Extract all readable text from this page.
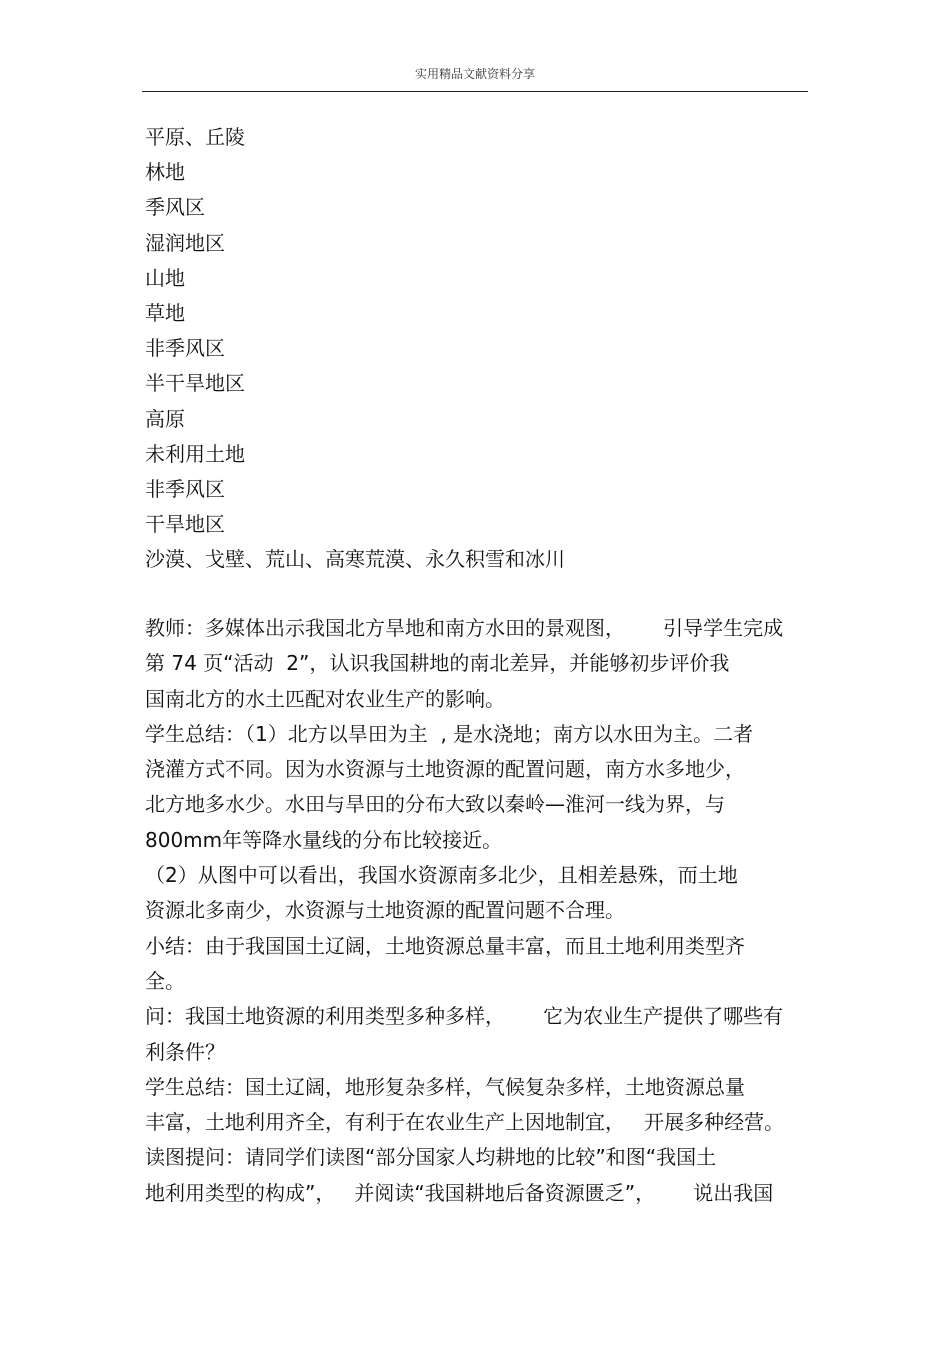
实用精品文献资料分享
平原、丘陵
林地
季风区
湿润地区
山地
草地
非季风区
半干旱地区
高原
未利用土地
非季风区
干旱地区
沙漠、戈壁、荒山、高寒荒漠、永久积雪和冰川
教师：多媒体出示我国北方旱地和南方水田的景观图，      引导学生完成
第 74 页“活动  2”，认识我国耕地的南北差异，并能够初步评价我
国南北方的水土匹配对农业生产的影响。
学生总结：（1）北方以旱田为主  , 是水浇地；南方以水田为主。二者
浇灌方式不同。因为水资源与土地资源的配置问题，南方水多地少，
北方地多水少。水田与旱田的分布大致以秦岭—淮河一线为界，与
800mm年等降水量线的分布比较接近。
（2）从图中可以看出，我国水资源南多北少，且相差悬殊，而土地
资源北多南少，水资源与土地资源的配置问题不合理。
小结：由于我国国土辽阔，土地资源总量丰富，而且土地利用类型齐
全。
问：我国土地资源的利用类型多种多样，      它为农业生产提供了哪些有
利条件？
学生总结：国土辽阔，地形复杂多样，气候复杂多样，土地资源总量
丰富，土地利用齐全，有利于在农业生产上因地制宜，   开展多种经营。
读图提问：请同学们读图“部分国家人均耕地的比较”和图“我国土
地利用类型的构成”，   并阅读“我国耕地后备资源匮乏”，      说出我国
